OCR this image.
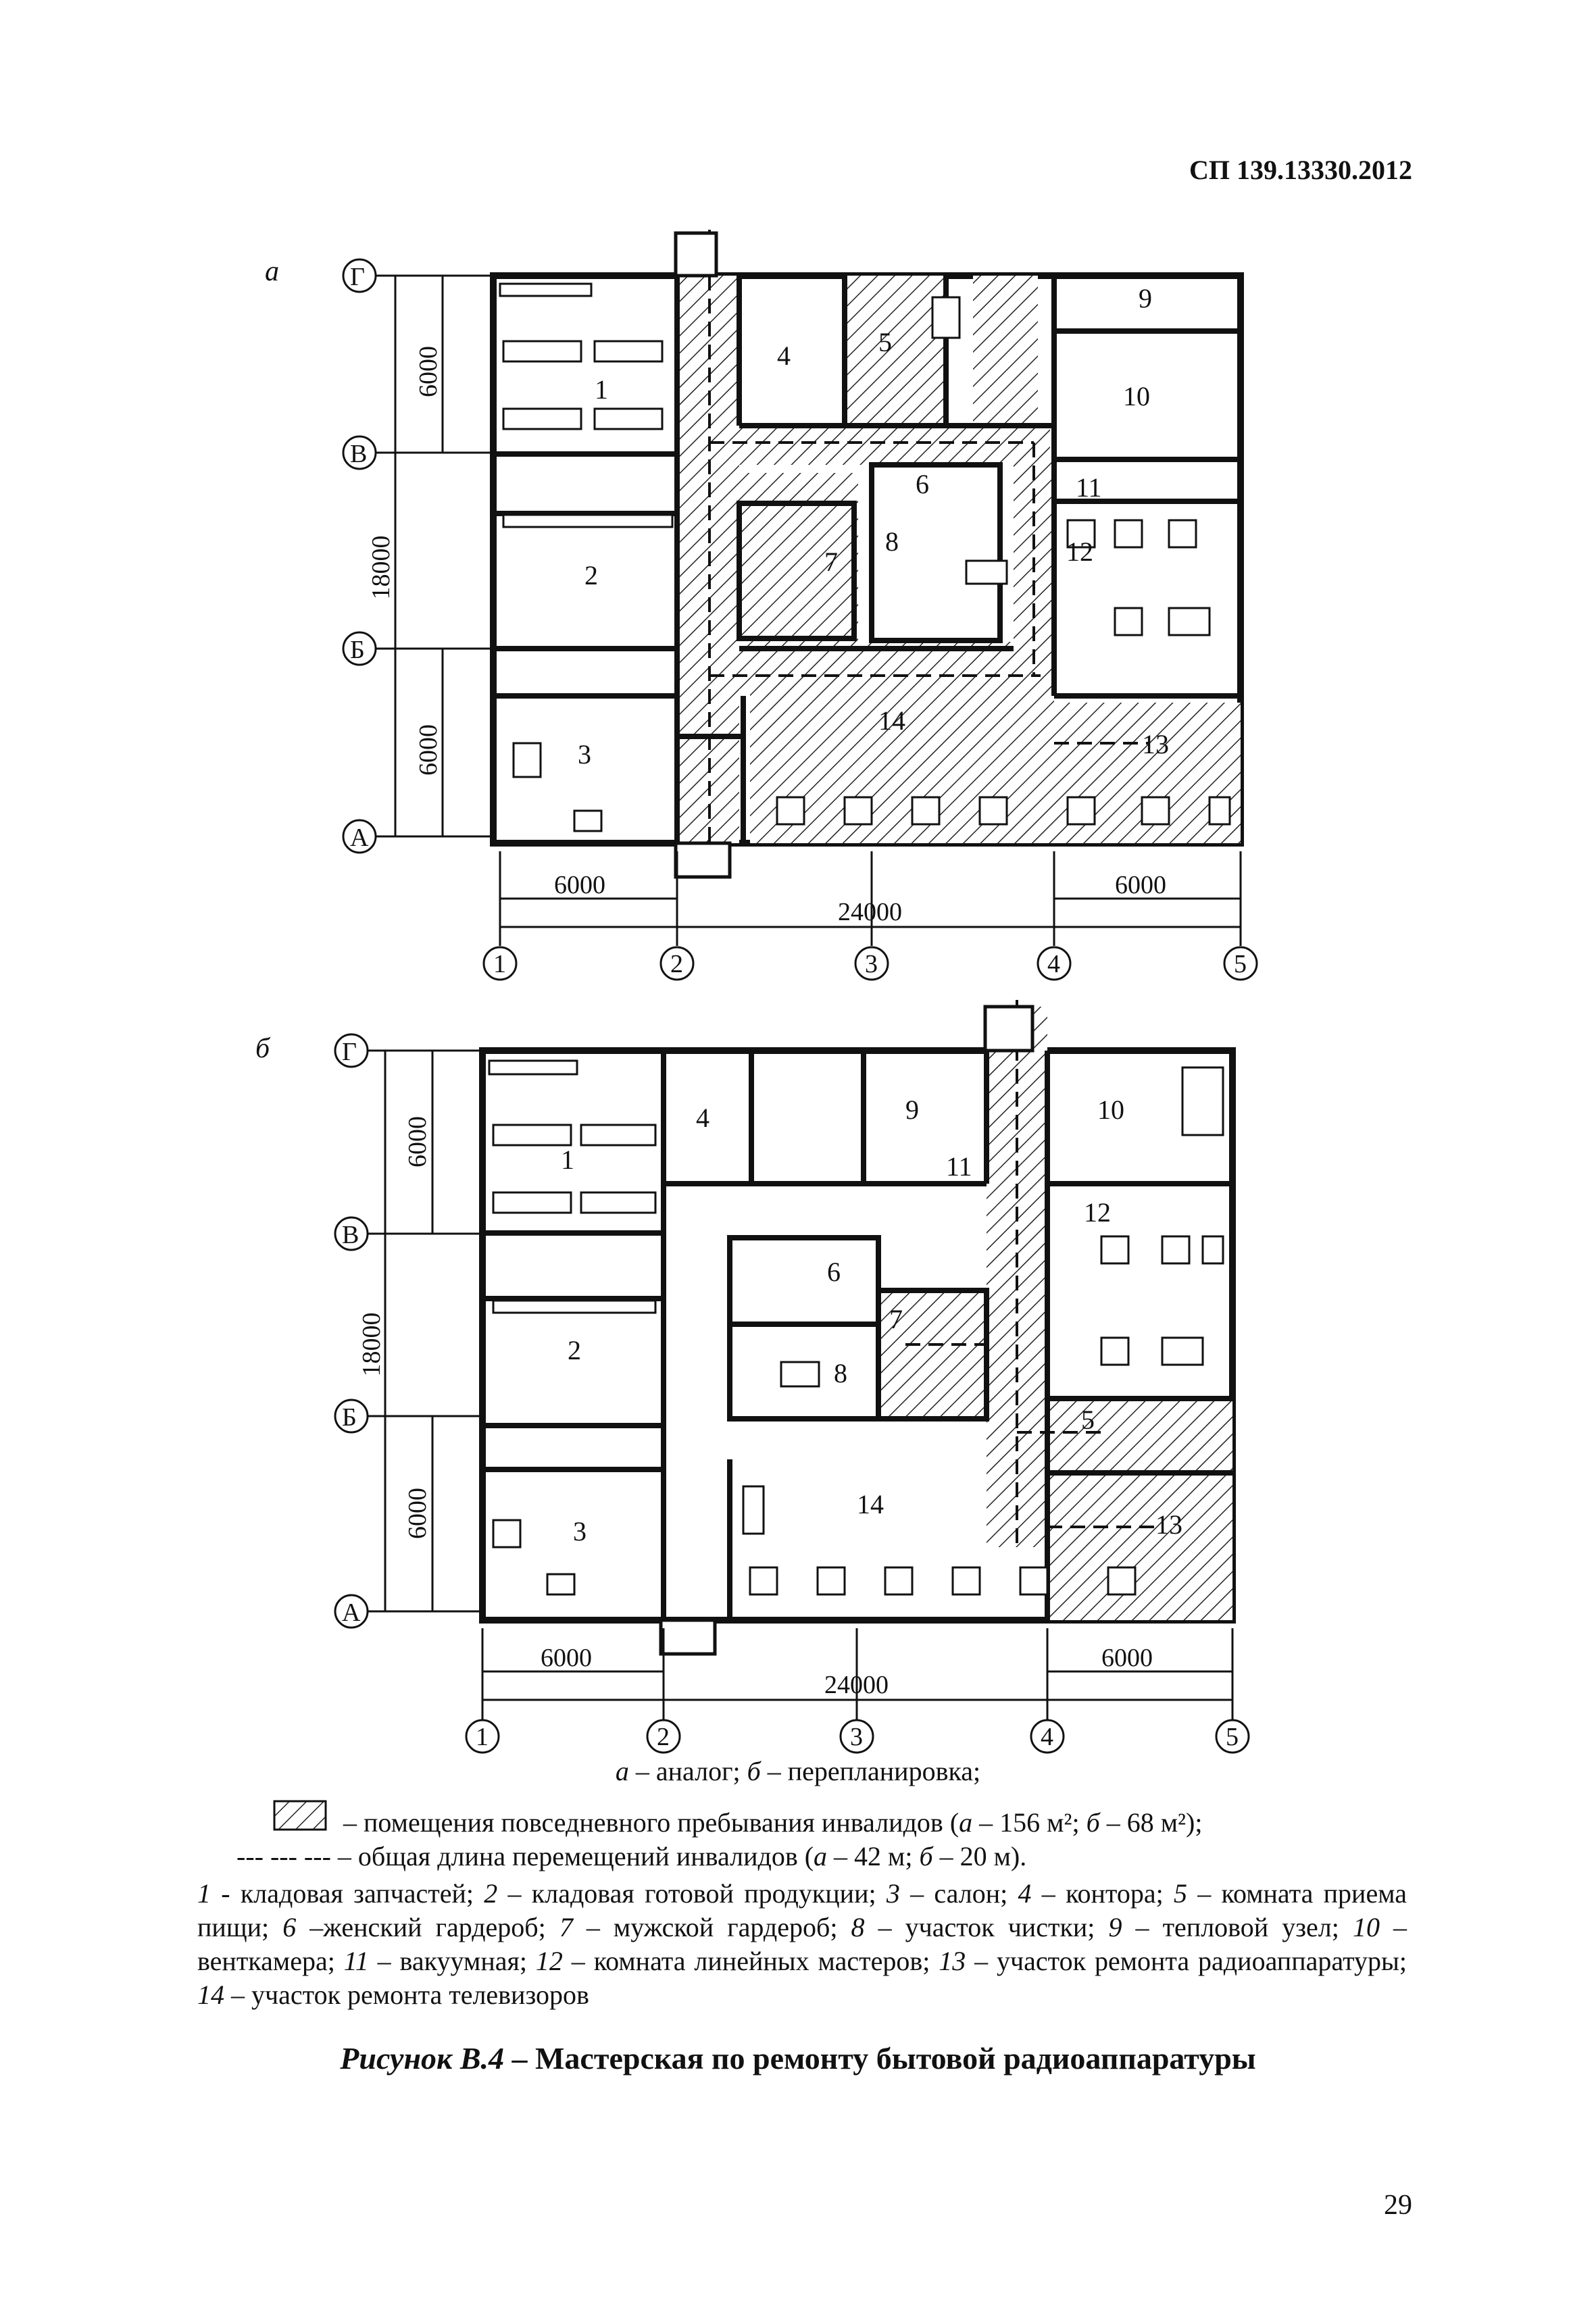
СП 139.13330.2012
а
б
1
2
3
4	5
6
7
8
9
10
11
12
13
14
Г
В
Б
А
18000
6000
6000
6000
24000
6000
1	2	3	4	5
1
2
3
4
5
6
7
8
9	10
11
12
13
14
Г
В
Б
А
18000
6000
6000
6000
24000
6000
1	2	3	4	5
а – аналог; б – перепланировка;
– помещения повседневного пребывания инвалидов (а – 156 м²; б – 68 м²);
--- --- --- – общая длина перемещений инвалидов (а – 42 м; б – 20 м).

1 - кладовая запчастей; 2 – кладовая готовой продукции; 3 – салон; 4 – контора; 5 – комната приема пищи; 6 –женский гардероб; 7 – мужской гардероб; 8 – участок чистки; 9 – тепловой узел; 10 – венткамера; 11 – вакуумная; 12 – комната линейных мастеров; 13 – участок ремонта радиоаппаратуры; 14 – участок ремонта телевизоров

Рисунок В.4 – Мастерская по ремонту бытовой радиоаппаратуры
29
